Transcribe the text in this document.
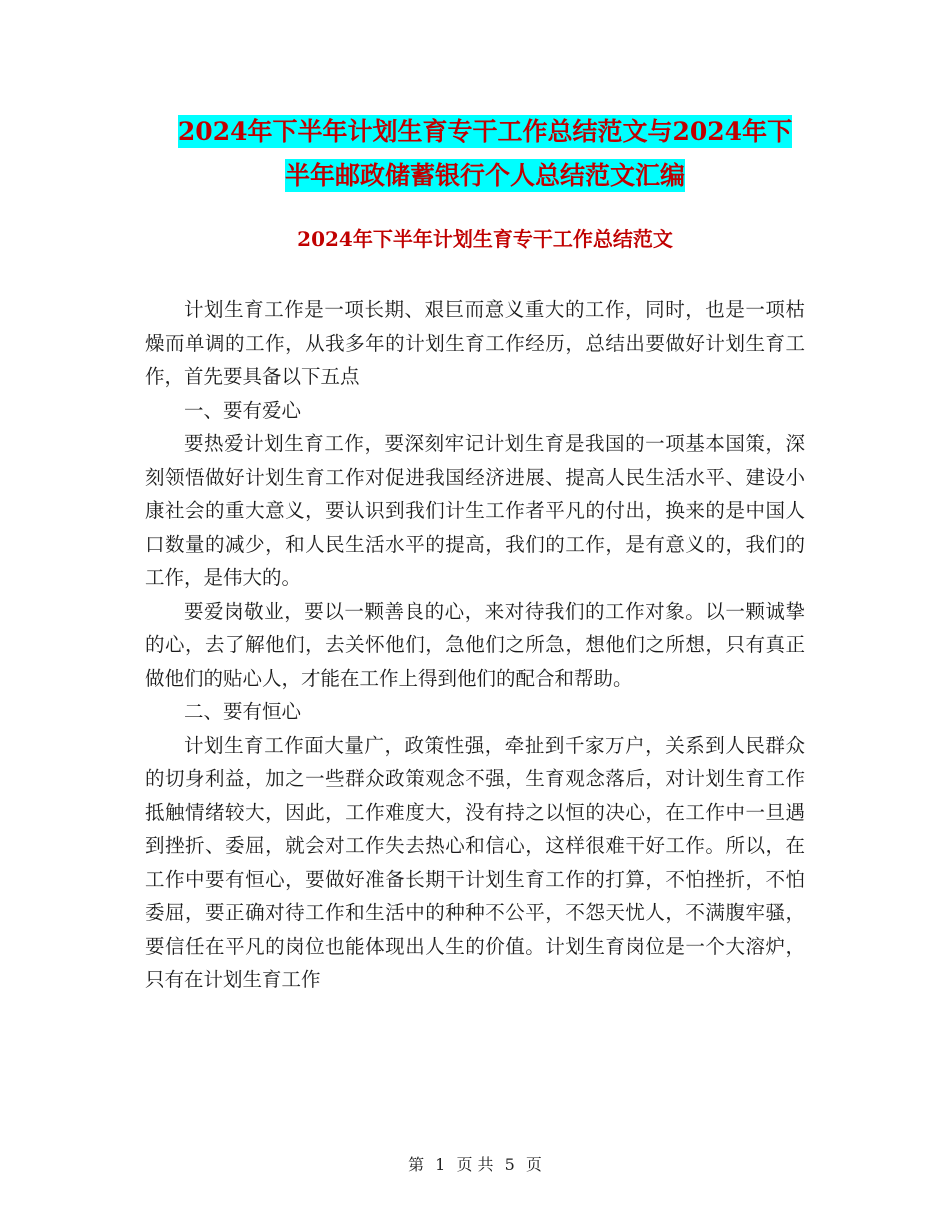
2024年下半年计划生育专干工作总结范文与2024年下
半年邮政储蓄银行个人总结范文汇编
2024年下半年计划生育专干工作总结范文

计划生育工作是一项长期、艰巨而意义重大的工作，同时，也是一项枯燥而单调的工作，从我多年的计划生育工作经历，总结出要做好计划生育工作，首先要具备以下五点

一、要有爱心

要热爱计划生育工作，要深刻牢记计划生育是我国的一项基本国策，深刻领悟做好计划生育工作对促进我国经济进展、提高人民生活水平、建设小康社会的重大意义，要认识到我们计生工作者平凡的付出，换来的是中国人口数量的减少，和人民生活水平的提高，我们的工作，是有意义的，我们的工作，是伟大的。

要爱岗敬业，要以一颗善良的心，来对待我们的工作对象。以一颗诚挚的心，去了解他们，去关怀他们，急他们之所急，想他们之所想，只有真正做他们的贴心人，才能在工作上得到他们的配合和帮助。

二、要有恒心

计划生育工作面大量广，政策性强，牵扯到千家万户，关系到人民群众的切身利益，加之一些群众政策观念不强，生育观念落后，对计划生育工作抵触情绪较大，因此，工作难度大，没有持之以恒的决心，在工作中一旦遇到挫折、委屈，就会对工作失去热心和信心，这样很难干好工作。所以，在工作中要有恒心，要做好准备长期干计划生育工作的打算，不怕挫折，不怕委屈，要正确对待工作和生活中的种种不公平，不怨天忧人，不满腹牢骚，要信任在平凡的岗位也能体现出人生的价值。计划生育岗位是一个大溶炉，只有在计划生育工作

第 1 页 共 5 页
